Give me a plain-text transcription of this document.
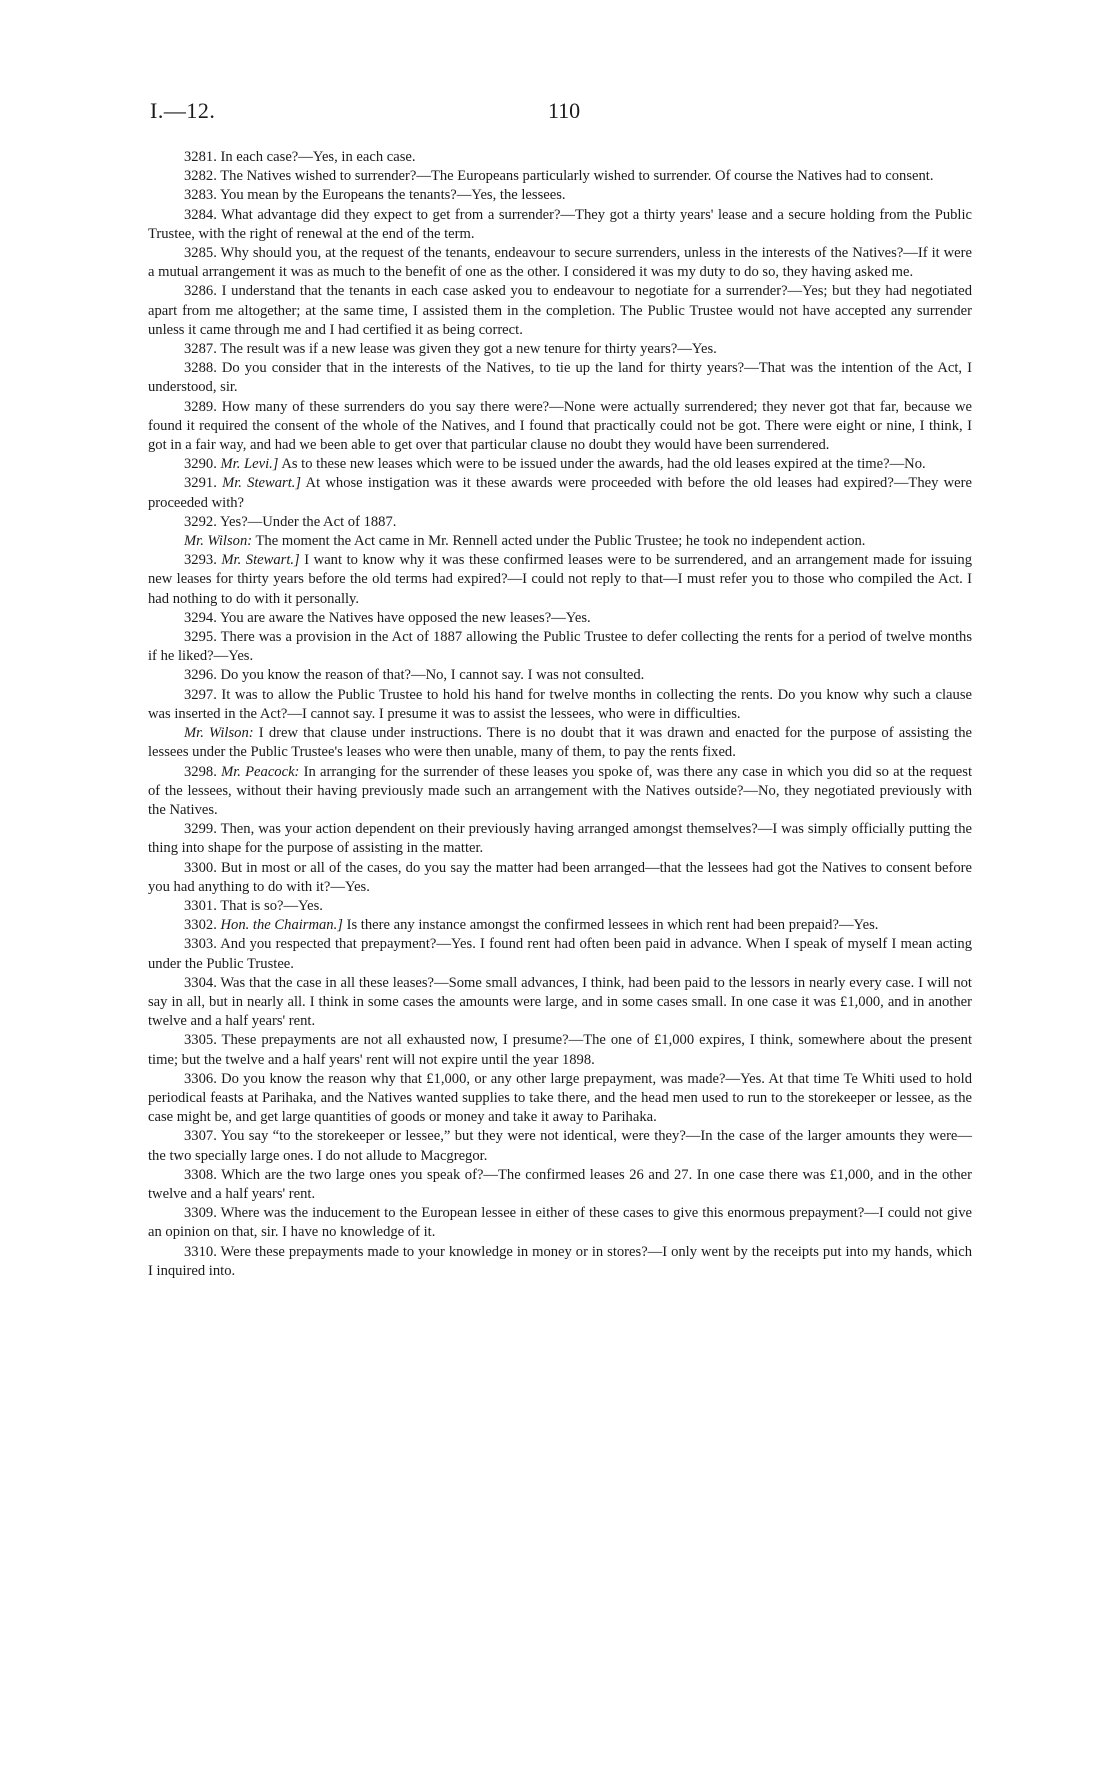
I.—12.	110

3281. In each case?—Yes, in each case.

3282. The Natives wished to surrender?—The Europeans particularly wished to surrender. Of course the Natives had to consent.

3283. You mean by the Europeans the tenants?—Yes, the lessees.

3284. What advantage did they expect to get from a surrender?—They got a thirty years' lease and a secure holding from the Public Trustee, with the right of renewal at the end of the term.

3285. Why should you, at the request of the tenants, endeavour to secure surrenders, unless in the interests of the Natives?—If it were a mutual arrangement it was as much to the benefit of one as the other. I considered it was my duty to do so, they having asked me.

3286. I understand that the tenants in each case asked you to endeavour to negotiate for a surrender?—Yes; but they had negotiated apart from me altogether; at the same time, I assisted them in the completion. The Public Trustee would not have accepted any surrender unless it came through me and I had certified it as being correct.

3287. The result was if a new lease was given they got a new tenure for thirty years?—Yes.

3288. Do you consider that in the interests of the Natives, to tie up the land for thirty years?—That was the intention of the Act, I understood, sir.

3289. How many of these surrenders do you say there were?—None were actually surrendered; they never got that far, because we found it required the consent of the whole of the Natives, and I found that practically could not be got. There were eight or nine, I think, I got in a fair way, and had we been able to get over that particular clause no doubt they would have been surrendered.

3290. Mr. Levi.] As to these new leases which were to be issued under the awards, had the old leases expired at the time?—No.

3291. Mr. Stewart.] At whose instigation was it these awards were proceeded with before the old leases had expired?—They were proceeded with?

3292. Yes?—Under the Act of 1887.

Mr. Wilson: The moment the Act came in Mr. Rennell acted under the Public Trustee; he took no independent action.

3293. Mr. Stewart.] I want to know why it was these confirmed leases were to be surrendered, and an arrangement made for issuing new leases for thirty years before the old terms had expired?—I could not reply to that—I must refer you to those who compiled the Act. I had nothing to do with it personally.

3294. You are aware the Natives have opposed the new leases?—Yes.

3295. There was a provision in the Act of 1887 allowing the Public Trustee to defer collecting the rents for a period of twelve months if he liked?—Yes.

3296. Do you know the reason of that?—No, I cannot say. I was not consulted.

3297. It was to allow the Public Trustee to hold his hand for twelve months in collecting the rents. Do you know why such a clause was inserted in the Act?—I cannot say. I presume it was to assist the lessees, who were in difficulties.

Mr. Wilson: I drew that clause under instructions. There is no doubt that it was drawn and enacted for the purpose of assisting the lessees under the Public Trustee's leases who were then unable, many of them, to pay the rents fixed.

3298. Mr. Peacock: In arranging for the surrender of these leases you spoke of, was there any case in which you did so at the request of the lessees, without their having previously made such an arrangement with the Natives outside?—No, they negotiated previously with the Natives.

3299. Then, was your action dependent on their previously having arranged amongst themselves?—I was simply officially putting the thing into shape for the purpose of assisting in the matter.

3300. But in most or all of the cases, do you say the matter had been arranged—that the lessees had got the Natives to consent before you had anything to do with it?—Yes.

3301. That is so?—Yes.

3302. Hon. the Chairman.] Is there any instance amongst the confirmed lessees in which rent had been prepaid?—Yes.

3303. And you respected that prepayment?—Yes. I found rent had often been paid in advance. When I speak of myself I mean acting under the Public Trustee.

3304. Was that the case in all these leases?—Some small advances, I think, had been paid to the lessors in nearly every case. I will not say in all, but in nearly all. I think in some cases the amounts were large, and in some cases small. In one case it was £1,000, and in another twelve and a half years' rent.

3305. These prepayments are not all exhausted now, I presume?—The one of £1,000 expires, I think, somewhere about the present time; but the twelve and a half years' rent will not expire until the year 1898.

3306. Do you know the reason why that £1,000, or any other large prepayment, was made?—Yes. At that time Te Whiti used to hold periodical feasts at Parihaka, and the Natives wanted supplies to take there, and the head men used to run to the storekeeper or lessee, as the case might be, and get large quantities of goods or money and take it away to Parihaka.

3307. You say “to the storekeeper or lessee,” but they were not identical, were they?—In the case of the larger amounts they were—the two specially large ones. I do not allude to Macgregor.

3308. Which are the two large ones you speak of?—The confirmed leases 26 and 27. In one case there was £1,000, and in the other twelve and a half years' rent.

3309. Where was the inducement to the European lessee in either of these cases to give this enormous prepayment?—I could not give an opinion on that, sir. I have no knowledge of it.

3310. Were these prepayments made to your knowledge in money or in stores?—I only went by the receipts put into my hands, which I inquired into.
